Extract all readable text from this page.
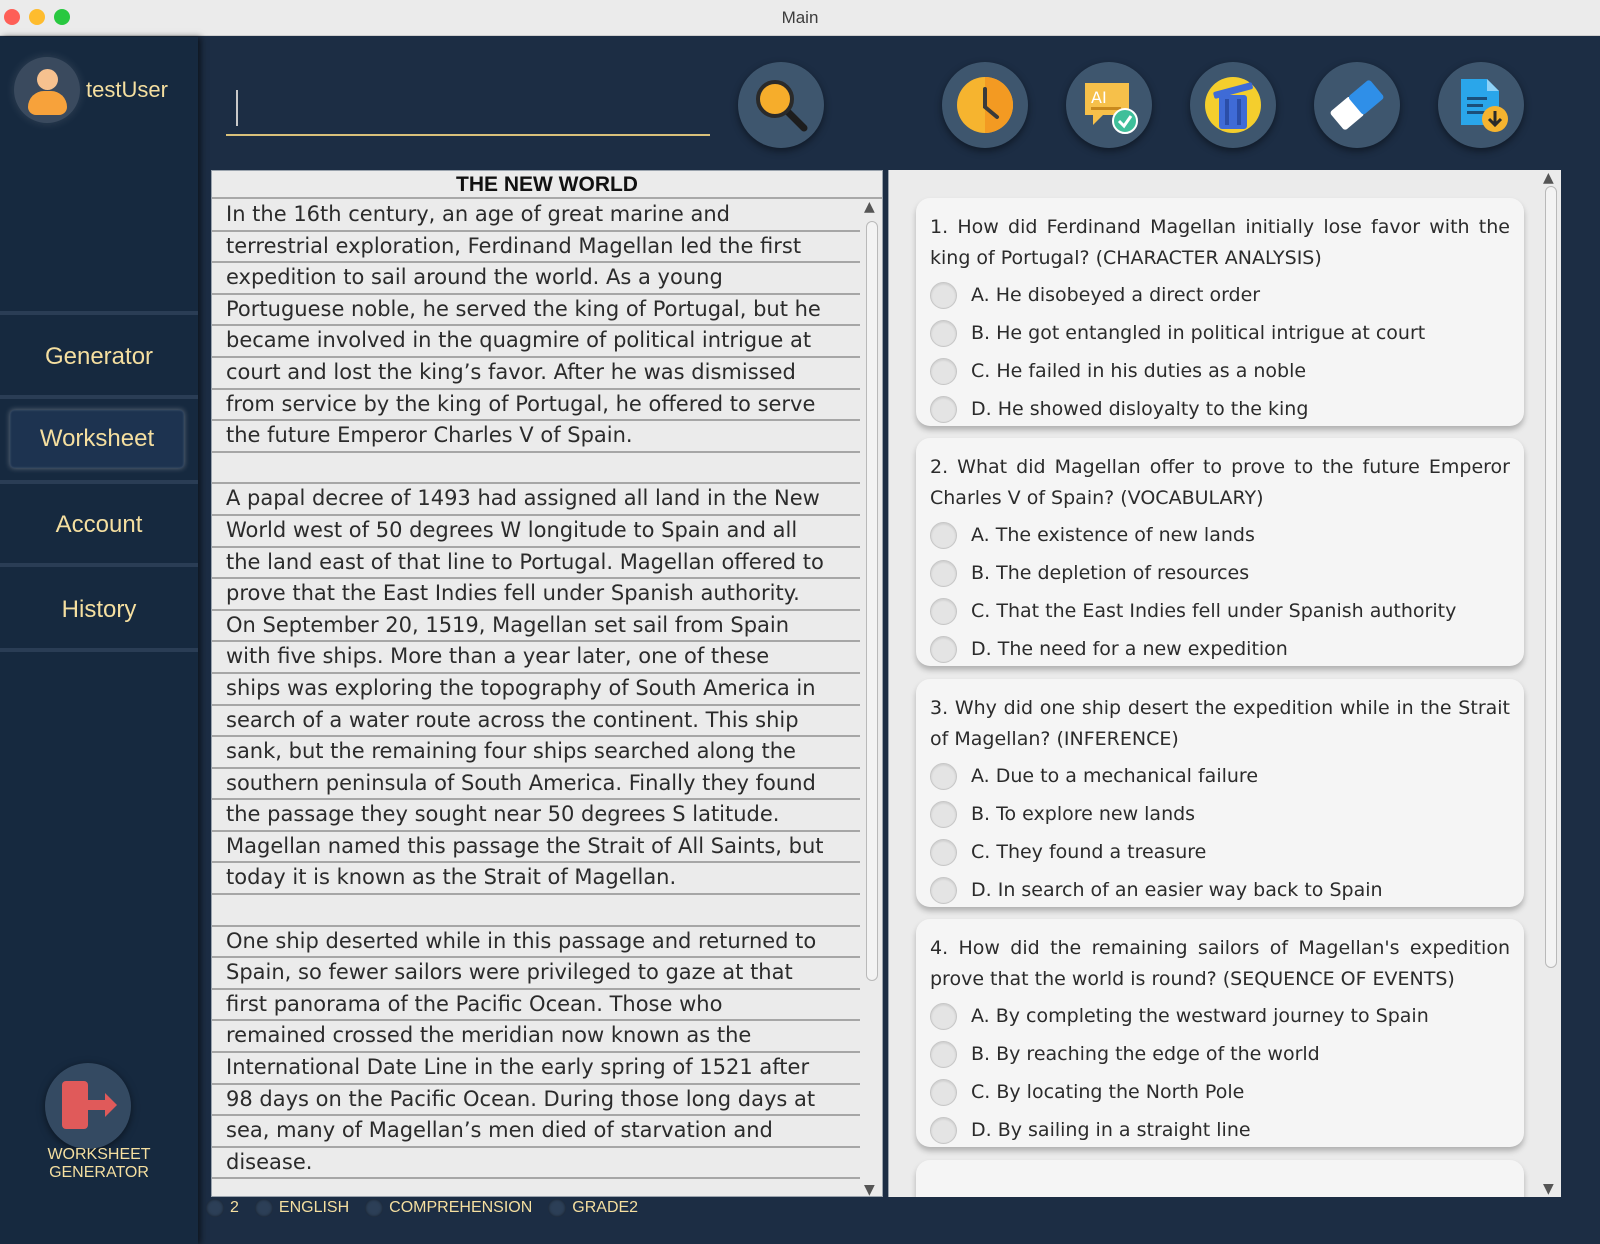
Main
testUser
Generator
Worksheet
Account
History
WORKSHEET GENERATOR
AI
THE NEW WORLD
In the 16th century, an age of great marine and
terrestrial exploration, Ferdinand Magellan led the first
expedition to sail around the world. As a young
Portuguese noble, he served the king of Portugal, but he
became involved in the quagmire of political intrigue at
court and lost the king’s favor. After he was dismissed
from service by the king of Portugal, he offered to serve
the future Emperor Charles V of Spain.
A papal decree of 1493 had assigned all land in the New
World west of 50 degrees W longitude to Spain and all
the land east of that line to Portugal. Magellan offered to
prove that the East Indies fell under Spanish authority.
On September 20, 1519, Magellan set sail from Spain
with five ships. More than a year later, one of these
ships was exploring the topography of South America in
search of a water route across the continent. This ship
sank, but the remaining four ships searched along the
southern peninsula of South America. Finally they found
the passage they sought near 50 degrees S latitude.
Magellan named this passage the Strait of All Saints, but
today it is known as the Strait of Magellan.
One ship deserted while in this passage and returned to
Spain, so fewer sailors were privileged to gaze at that
first panorama of the Pacific Ocean. Those who
remained crossed the meridian now known as the
International Date Line in the early spring of 1521 after
98 days on the Pacific Ocean. During those long days at
sea, many of Magellan’s men died of starvation and
disease.
▲
▼
▲
▼
1. How did Ferdinand Magellan initially lose favor with the king of Portugal? (CHARACTER ANALYSIS)
A. He disobeyed a direct order
B. He got entangled in political intrigue at court
C. He failed in his duties as a noble
D. He showed disloyalty to the king
2. What did Magellan offer to prove to the future Emperor Charles V of Spain? (VOCABULARY)
A. The existence of new lands
B. The depletion of resources
C. That the East Indies fell under Spanish authority
D. The need for a new expedition
3. Why did one ship desert the expedition while in the Strait of Magellan? (INFERENCE)
A. Due to a mechanical failure
B. To explore new lands
C. They found a treasure
D. In search of an easier way back to Spain
4. How did the remaining sailors of Magellan's expedition prove that the world is round? (SEQUENCE OF EVENTS)
A. By completing the westward journey to Spain
B. By reaching the edge of the world
C. By locating the North Pole
D. By sailing in a straight line
2	ENGLISH	COMPREHENSION	GRADE2
